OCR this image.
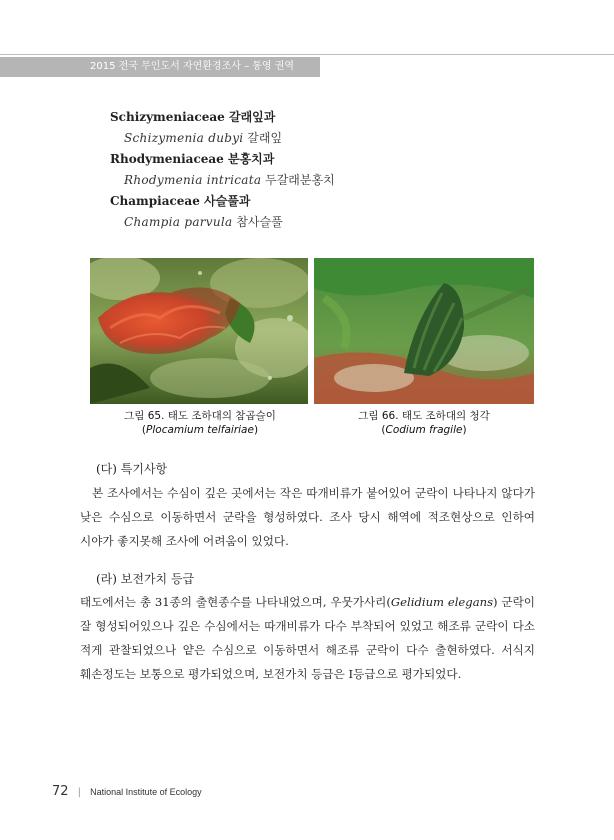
2015 전국 무인도서 자연환경조사 – 통영 권역
Schizymeniaceae 갈래잎과
Schizymenia dubyi 갈래잎
Rhodymeniaceae 분홍치과
Rhodymenia intricata 두갈래분홍치
Champiaceae 사슬풀과
Champia parvula 참사슬풀
그림 65. 태도 조하대의 참곱슬이
(Plocamium telfairiae)
그림 66. 태도 조하대의 청각
(Codium fragile)
(다) 특기사항
본 조사에서는 수심이 깊은 곳에서는 작은 따개비류가 붙어있어 군락이 나타나지 않다가 낮은 수심으로 이동하면서 군락을 형성하였다. 조사 당시 해역에 적조현상으로 인하여 시야가 좋지못해 조사에 어려움이 있었다.
(라) 보전가치 등급
태도에서는 총 31종의 출현종수를 나타내었으며, 우뭇가사리(Gelidium elegans) 군락이 잘 형성되어있으나 깊은 수심에서는 따개비류가 다수 부착되어 있었고 해조류 군락이 다소 적게 관찰되었으나 얕은 수심으로 이동하면서 해조류 군락이 다수 출현하였다. 서식지 훼손정도는 보통으로 평가되었으며, 보전가치 등급은 Ⅰ등급으로 평가되었다.
72 | National Institute of Ecology
